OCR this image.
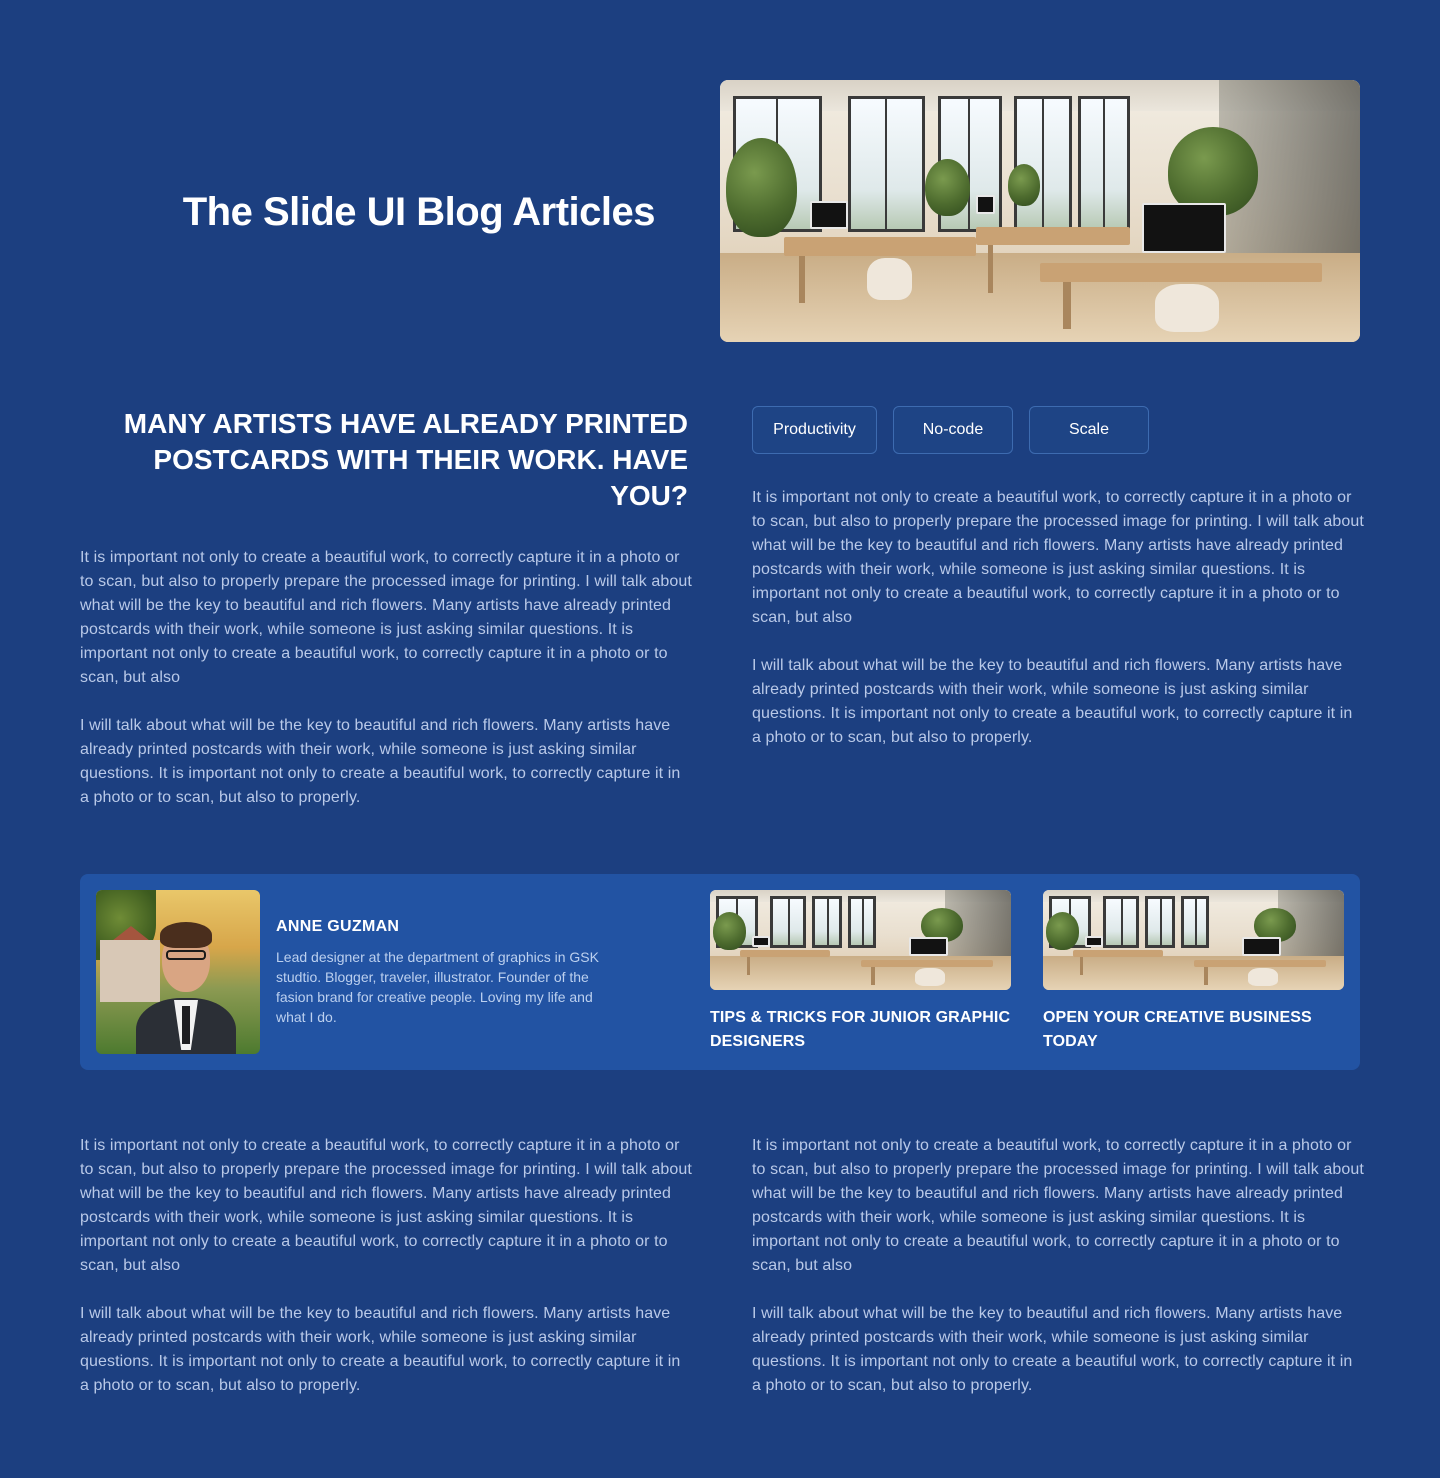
The Slide UI Blog Articles
MANY ARTISTS HAVE ALREADY PRINTED POSTCARDS WITH THEIR WORK. HAVE YOU?
Productivity	No-code	Scale

It is important not only to create a beautiful work, to correctly capture it in a photo or to scan, but also to properly prepare the processed image for printing. I will talk about what will be the key to beautiful and rich flowers. Many artists have already printed postcards with their work, while someone is just asking similar questions. It is important not only to create a beautiful work, to correctly capture it in a photo or to scan, but also

I will talk about what will be the key to beautiful and rich flowers. Many artists have already printed postcards with their work, while someone is just asking similar questions. It is important not only to create a beautiful work, to correctly capture it in a photo or to scan, but also to properly.

It is important not only to create a beautiful work, to correctly capture it in a photo or to scan, but also to properly prepare the processed image for printing. I will talk about what will be the key to beautiful and rich flowers. Many artists have already printed postcards with their work, while someone is just asking similar questions. It is important not only to create a beautiful work, to correctly capture it in a photo or to scan, but also

I will talk about what will be the key to beautiful and rich flowers. Many artists have already printed postcards with their work, while someone is just asking similar questions. It is important not only to create a beautiful work, to correctly capture it in a photo or to scan, but also to properly.

ANNE GUZMAN
Lead designer at the department of graphics in GSK studtio. Blogger, traveler, illustrator. Founder of the fasion brand for creative people. Loving my life and what I do.	TIPS & TRICKS FOR JUNIOR GRAPHIC DESIGNERS
OPEN YOUR CREATIVE BUSINESS TODAY

It is important not only to create a beautiful work, to correctly capture it in a photo or to scan, but also to properly prepare the processed image for printing. I will talk about what will be the key to beautiful and rich flowers. Many artists have already printed postcards with their work, while someone is just asking similar questions. It is important not only to create a beautiful work, to correctly capture it in a photo or to scan, but also

I will talk about what will be the key to beautiful and rich flowers. Many artists have already printed postcards with their work, while someone is just asking similar questions. It is important not only to create a beautiful work, to correctly capture it in a photo or to scan, but also to properly.

It is important not only to create a beautiful work, to correctly capture it in a photo or to scan, but also to properly prepare the processed image for printing. I will talk about what will be the key to beautiful and rich flowers. Many artists have already printed postcards with their work, while someone is just asking similar questions. It is important not only to create a beautiful work, to correctly capture it in a photo or to scan, but also

I will talk about what will be the key to beautiful and rich flowers. Many artists have already printed postcards with their work, while someone is just asking similar questions. It is important not only to create a beautiful work, to correctly capture it in a photo or to scan, but also to properly.
